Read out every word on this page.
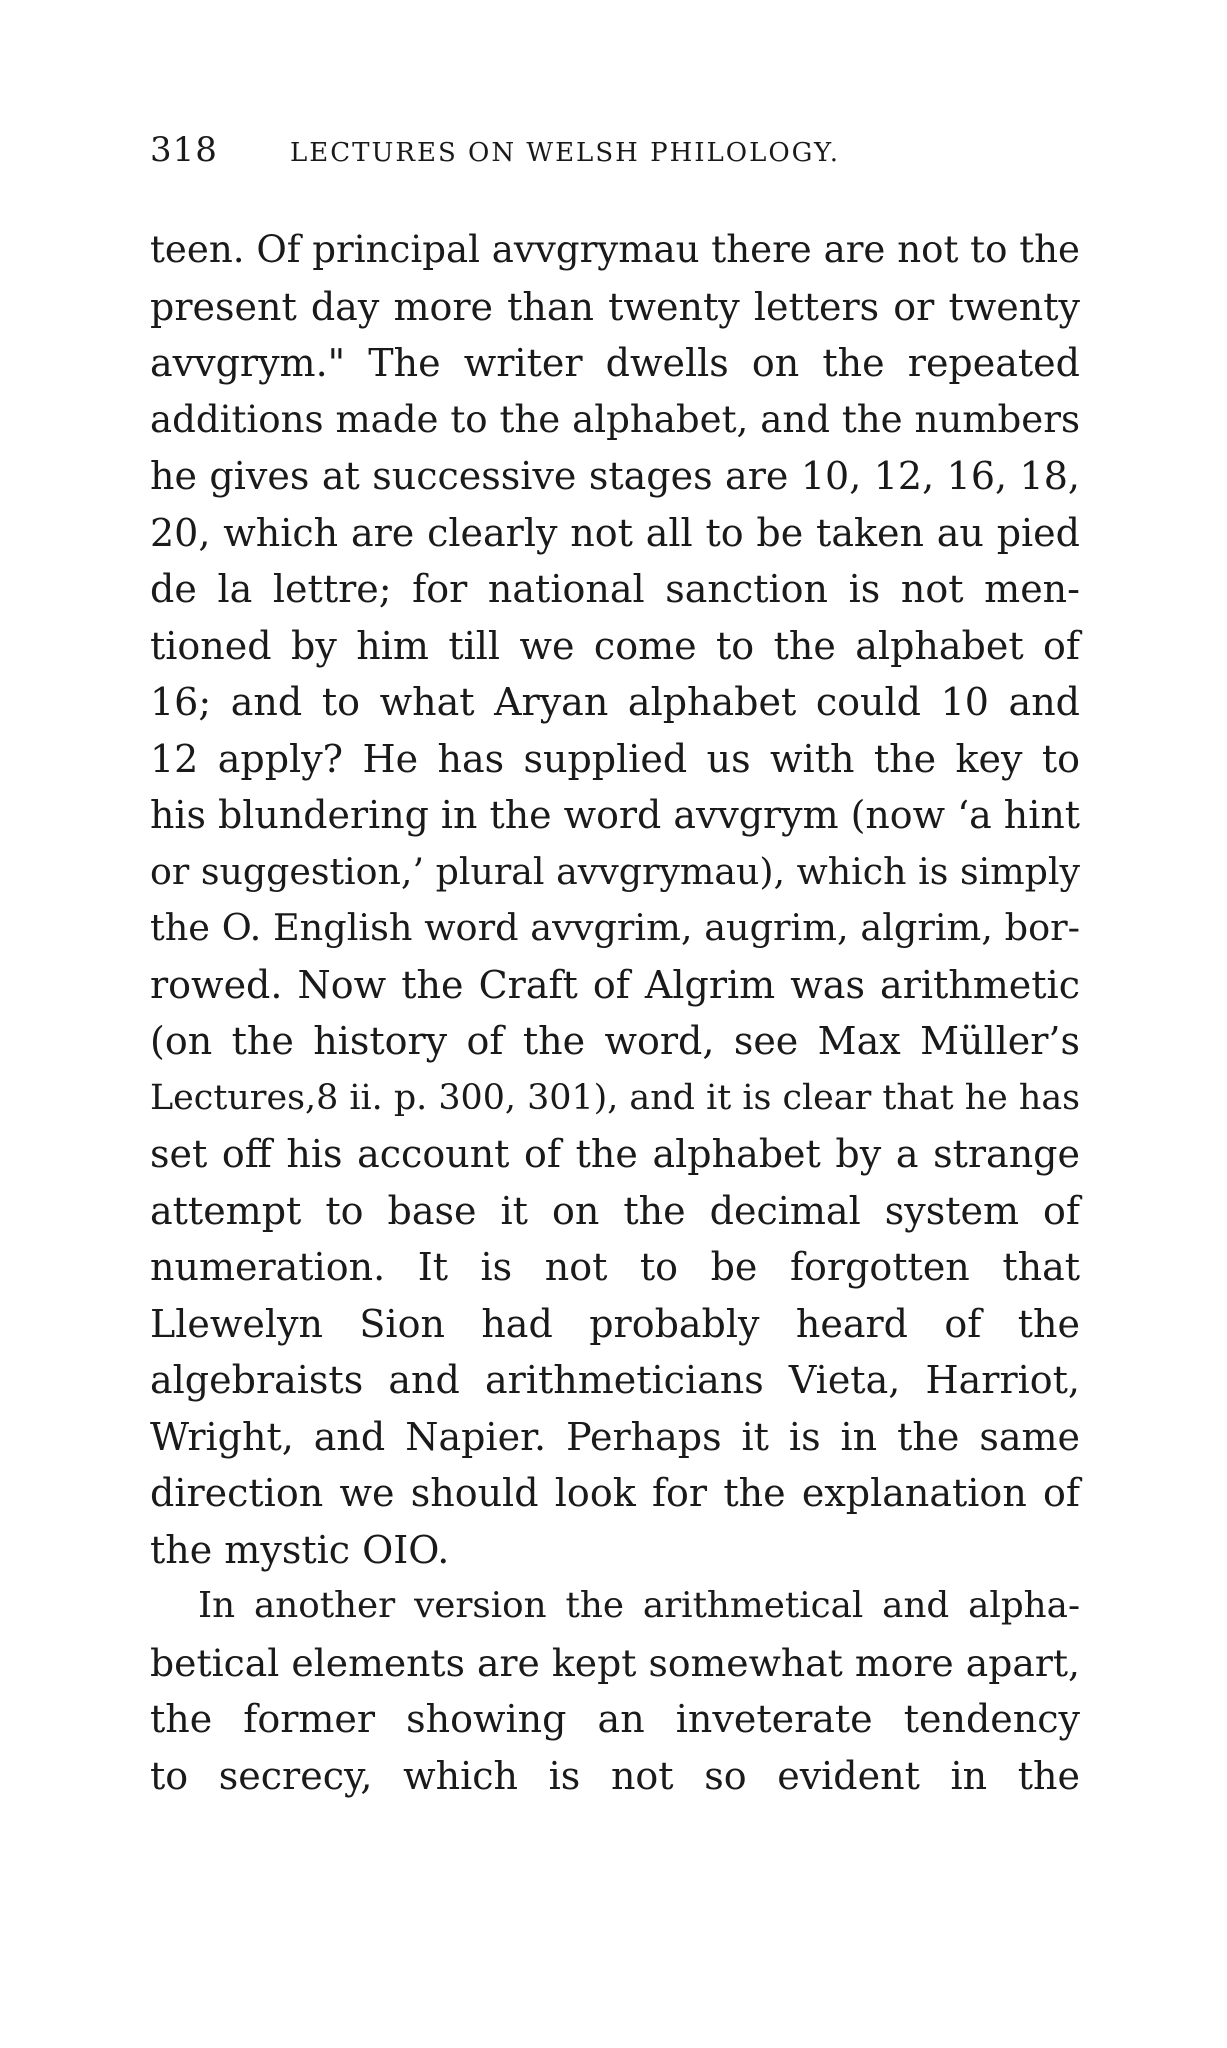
318	LECTURES ON WELSH PHILOLOGY.
teen. Of principal avvgrymau there are not to the
present day more than twenty letters or twenty
avvgrym." The writer dwells on the repeated
additions made to the alphabet, and the numbers
he gives at successive stages are 10, 12, 16, 18,
20, which are clearly not all to be taken au pied
de la lettre; for national sanction is not men-
tioned by him till we come to the alphabet of
16; and to what Aryan alphabet could 10 and
12 apply? He has supplied us with the key to
his blundering in the word avvgrym (now ‘a hint
or suggestion,’ plural avvgrymau), which is simply
the O. English word avvgrim, augrim, algrim, bor-
rowed. Now the Craft of Algrim was arithmetic
(on the history of the word, see Max Müller’s
Lectures,8 ii. p. 300, 301), and it is clear that he has
set off his account of the alphabet by a strange
attempt to base it on the decimal system of
numeration. It is not to be forgotten that
Llewelyn Sion had probably heard of the
algebraists and arithmeticians Vieta, Harriot,
Wright, and Napier. Perhaps it is in the same
direction we should look for the explanation of
the mystic OIO.
In another version the arithmetical and alpha-
betical elements are kept somewhat more apart,
the former showing an inveterate tendency
to secrecy, which is not so evident in the
